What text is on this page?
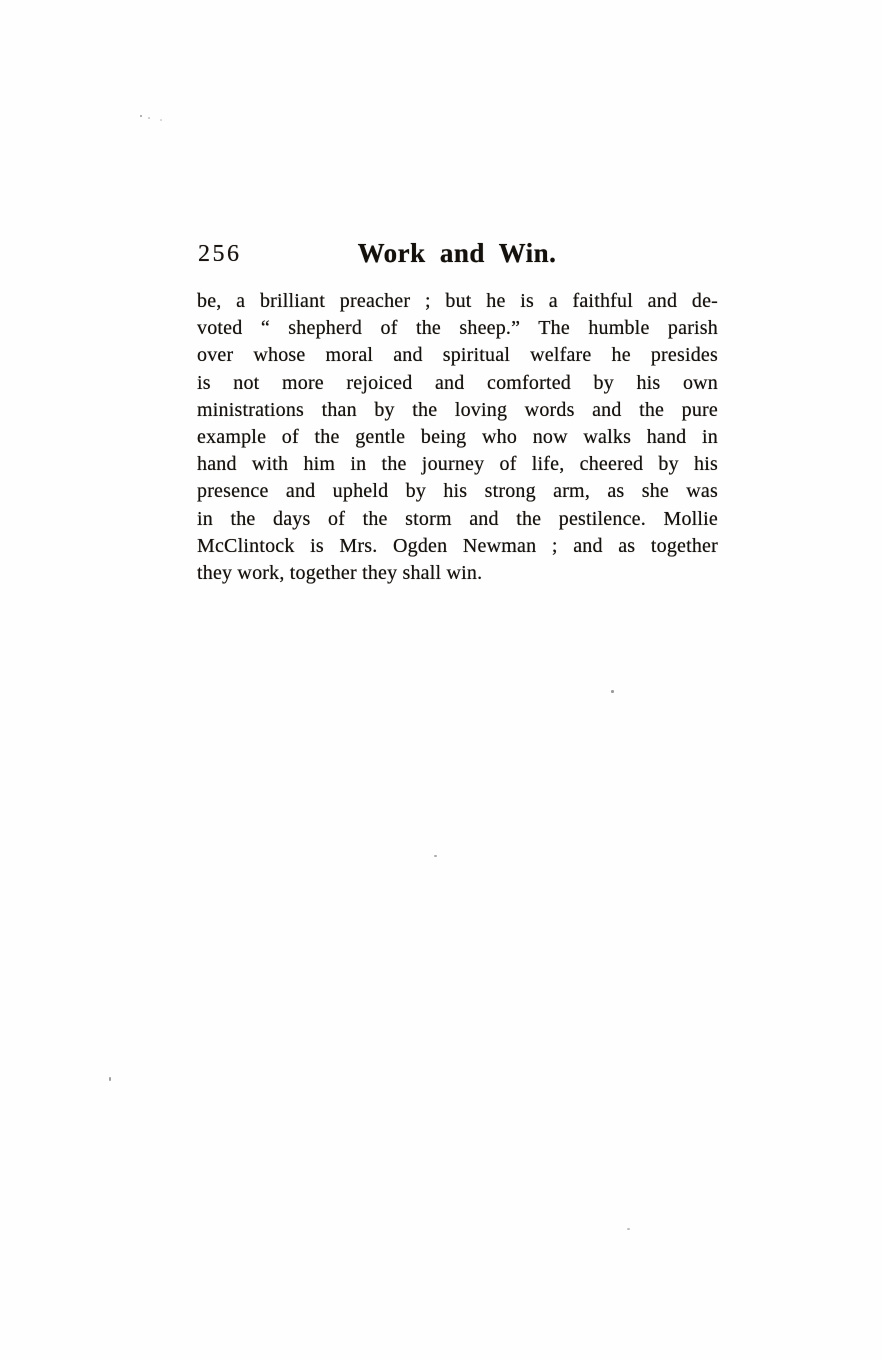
256	Work and Win.
be, a brilliant preacher ; but he is a faithful and de-
voted “ shepherd of the sheep.” The humble parish
over whose moral and spiritual welfare he presides
is not more rejoiced and comforted by his own
ministrations than by the loving words and the pure
example of the gentle being who now walks hand in
hand with him in the journey of life, cheered by his
presence and upheld by his strong arm, as she was
in the days of the storm and the pestilence. Mollie
McClintock is Mrs. Ogden Newman ; and as together
they work, together they shall win.
